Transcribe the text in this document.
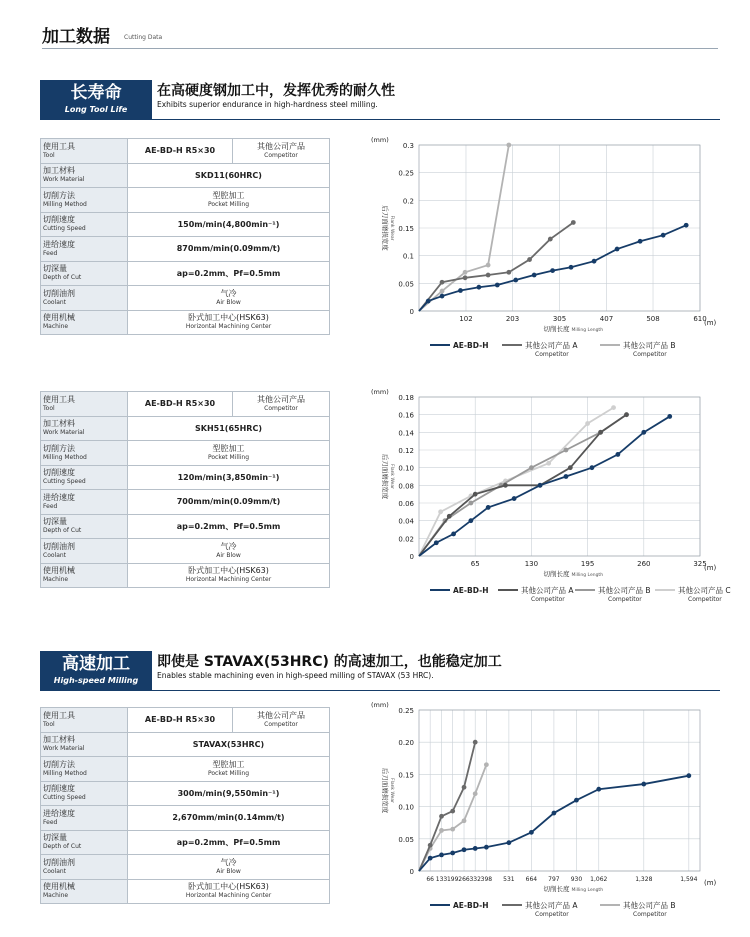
加工数据 Cutting Data
长寿命
Long Tool Life
在高硬度钢加工中，发挥优秀的耐久性
Exhibits superior endurance in high-hardness steel milling.
高速加工
High-speed Milling
即使是 STAVAX(53HRC) 的高速加工，也能稳定加工
Enables stable machining even in high-speed milling of STAVAX (53 HRC).
使用工具
Tool	AE-BD-H R5×30	其他公司产品
Competitor

加工材料
Work Material	SKD11(60HRC)	

切削方法
Milling Method	型腔加工
Pocket Milling	

切削速度
Cutting Speed	150m/min(4,800min⁻¹)	

进给速度
Feed	870mm/min(0.09mm/t)	

切深量
Depth of Cut	ap=0.2mm、Pf=0.5mm	

切削油剂
Coolant	气冷
Air Blow	

使用机械
Machine	卧式加工中心(HSK63)
Horizontal Machining Center	
使用工具
Tool	AE-BD-H R5×30	其他公司产品
Competitor

加工材料
Work Material	SKH51(65HRC)	

切削方法
Milling Method	型腔加工
Pocket Milling	

切削速度
Cutting Speed	120m/min(3,850min⁻¹)	

进给速度
Feed	700mm/min(0.09mm/t)	

切深量
Depth of Cut	ap=0.2mm、Pf=0.5mm	

切削油剂
Coolant	气冷
Air Blow	

使用机械
Machine	卧式加工中心(HSK63)
Horizontal Machining Center	
使用工具
Tool	AE-BD-H R5×30	其他公司产品
Competitor

加工材料
Work Material	STAVAX(53HRC)	

切削方法
Milling Method	型腔加工
Pocket Milling	

切削速度
Cutting Speed	300m/min(9,550min⁻¹)	

进给速度
Feed	2,670mm/min(0.14mm/t)	

切深量
Depth of Cut	ap=0.2mm、Pf=0.5mm	

切削油剂
Coolant	气冷
Air Blow	

使用机械
Machine	卧式加工中心(HSK63)
Horizontal Machining Center	
0
0.05
0.1
0.15
0.2
0.25
0.3
102	203	305	407	508	610
(mm)
(m)
后刀面磨损宽度 Flank Wear
切削长度 Milling Length
AE-BD-H	其他公司产品 A
Competitor
其他公司产品 B
Competitor
0
0.02
0.04
0.06
0.08
0.10
0.12
0.14
0.16
0.18
65	130	195	260	325
(mm)
(m)
后刀面磨损宽度 Flank Wear
切削长度 Milling Length
AE-BD-H	其他公司产品 A
Competitor
其他公司产品 B
Competitor
其他公司产品 C
Competitor
0
0.05
0.10
0.15
0.20
0.25
66 133 199 266 332 398 531 664 797 930 1,062	1,328	1,594
(mm)
(m)
后刀面磨损宽度 Flank Wear
切削长度 Milling Length
AE-BD-H	其他公司产品 A
Competitor
其他公司产品 B
Competitor
